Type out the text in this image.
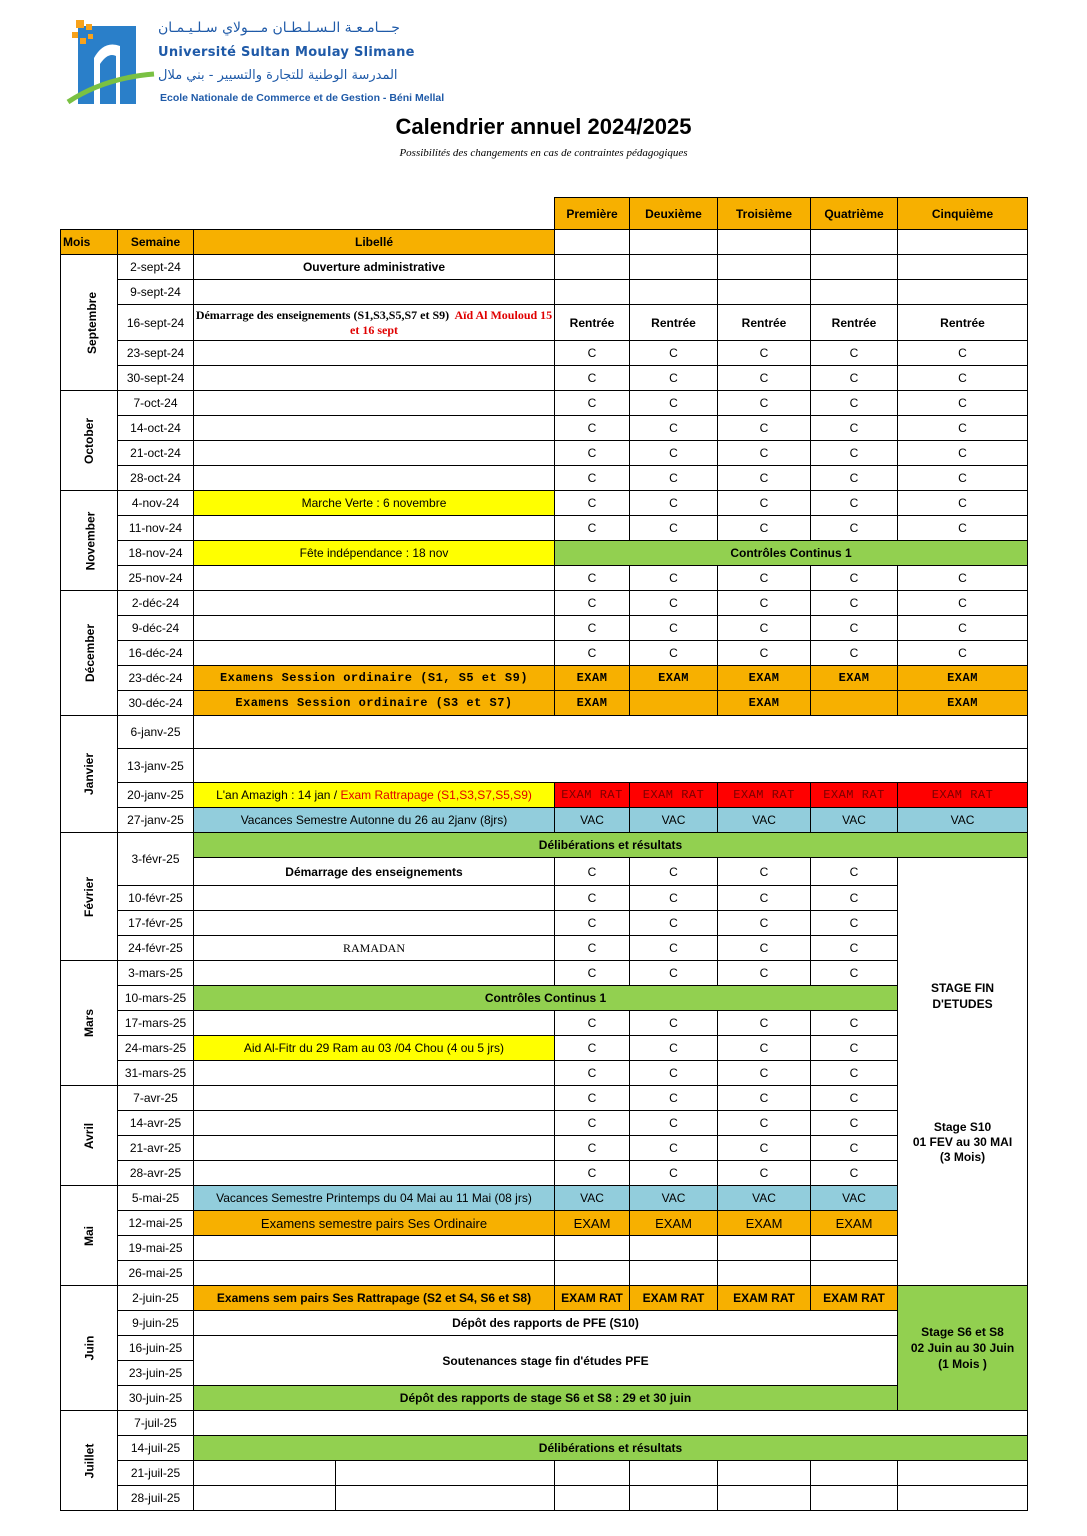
جـــامـعـة الـسـلـطـان مـــولاي سـلـيـمـان
Université Sultan Moulay Slimane
المدرسة الوطنية للتجارة والتسيير - بني ملال
Ecole Nationale de Commerce et de Gestion - Béni Mellal
Calendrier annuel 2024/2025
Possibilités des changements en cas de contraintes pédagogiques
				Première	Deuxième	Troisième	Quatrième	Cinquième
Mois	Semaine	Libellé						
Septembre	2-sept-24	Ouverture administrative						
	9-sept-24							
	16-sept-24	Démarrage des enseignements (S1,S3,S5,S7 et S9) Aïd Al Mouloud 15 et 16 sept		Rentrée	Rentrée	Rentrée	Rentrée	Rentrée
	23-sept-24			C	C	C	C	C
	30-sept-24			C	C	C	C	C
October	7-oct-24			C	C	C	C	C
	14-oct-24			C	C	C	C	C
	21-oct-24			C	C	C	C	C
	28-oct-24			C	C	C	C	C
November	4-nov-24	Marche Verte : 6 novembre		C	C	C	C	C
	11-nov-24			C	C	C	C	C
	18-nov-24	Fête indépendance : 18 nov		Contrôles Continus 1				
	25-nov-24			C	C	C	C	C
Décember	2-déc-24			C	C	C	C	C
	9-déc-24			C	C	C	C	C
	16-déc-24			C	C	C	C	C
	23-déc-24	Examens Session ordinaire (S1, S5 et S9)		EXAM	EXAM	EXAM	EXAM	EXAM
	30-déc-24	Examens Session ordinaire (S3 et S7)		EXAM		EXAM		EXAM
Janvier	6-janv-25							
	13-janv-25							
	20-janv-25	L'an Amazigh : 14 jan / Exam Rattrapage (S1,S3,S7,S5,S9)		EXAM RAT	EXAM RAT	EXAM RAT	EXAM RAT	EXAM RAT
	27-janv-25	Vacances Semestre Autonne du 26 au 2janv (8jrs)		VAC	VAC	VAC	VAC	VAC
Février	3-févr-25	Délibérations et résultats						
		Démarrage des enseignements		C	C	C	C	STAGE FIN D'ETUDES
Stage S10
01 FEV au 30 MAI
(3 Mois)

	10-févr-25			C	C	C	C	
	17-févr-25			C	C	C	C	
	24-févr-25	RAMADAN		C	C	C	C	
Mars	3-mars-25			C	C	C	C	
	10-mars-25	Contrôles Continus 1						
	17-mars-25			C	C	C	C	
	24-mars-25	Aid Al-Fitr du 29 Ram au 03 /04 Chou (4 ou 5 jrs)		C	C	C	C	
	31-mars-25			C	C	C	C	
Avril	7-avr-25			C	C	C	C	
	14-avr-25			C	C	C	C	
	21-avr-25			C	C	C	C	
	28-avr-25			C	C	C	C	
Mai	5-mai-25	Vacances Semestre Printemps du 04 Mai au 11 Mai (08 jrs)		VAC	VAC	VAC	VAC	
	12-mai-25	Examens semestre pairs Ses Ordinaire		EXAM	EXAM	EXAM	EXAM	
	19-mai-25							
	26-mai-25							
Juin	2-juin-25	Examens sem pairs Ses Rattrapage (S2 et S4, S6 et S8)		EXAM RAT	EXAM RAT	EXAM RAT	EXAM RAT	Stage S6 et S8
02 Juin au 30 Juin
(1 Mois )

	9-juin-25	Dépôt des rapports de PFE (S10)						
	16-juin-25	Soutenances stage fin d'études PFE						
	23-juin-25							
	30-juin-25	Dépôt des rapports de stage S6 et S8 : 29 et 30 juin						
Juillet	7-juil-25							
	14-juil-25	Délibérations et résultats						
	21-juil-25							
	28-juil-25							
